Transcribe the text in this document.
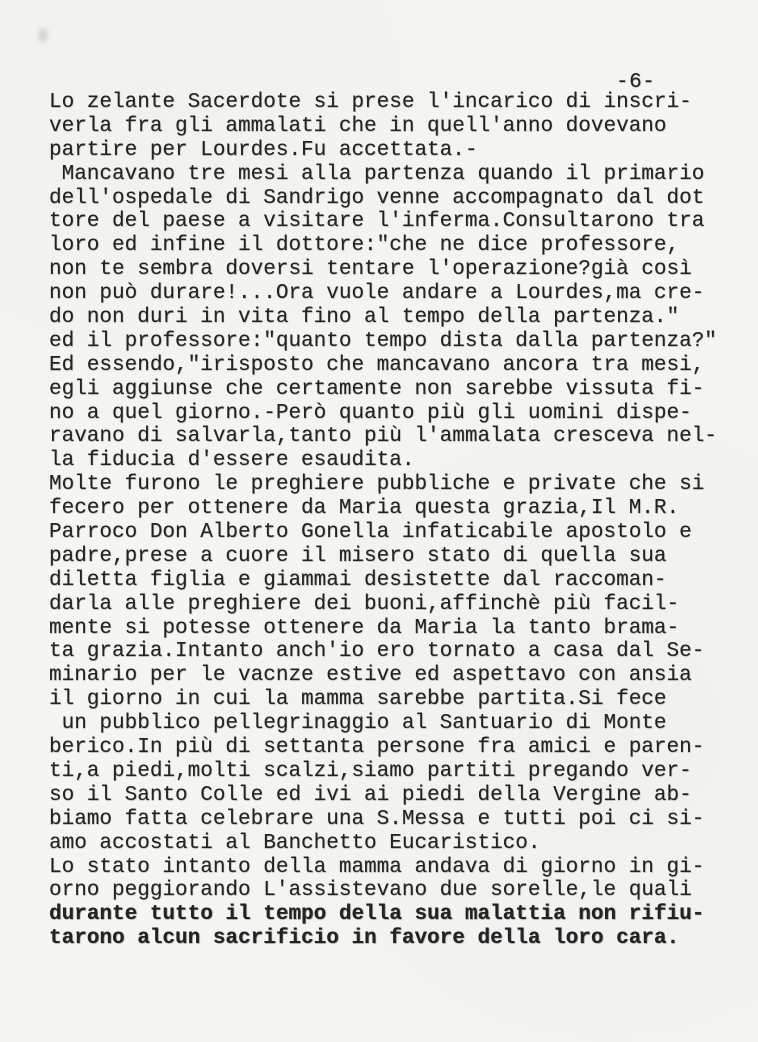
-6-
Lo zelante Sacerdote si prese l'incarico di inscri-
verla fra gli ammalati che in quell'anno dovevano
partire per Lourdes.Fu accettata.-
Mancavano tre mesi alla partenza quando il primario
dell'ospedale di Sandrigo venne accompagnato dal dot
tore del paese a visitare l'inferma.Consultarono tra
loro ed infine il dottore:"che ne dice professore,
non te sembra doversi tentare l'operazione?già così
non può durare!...Ora vuole andare a Lourdes,ma cre-
do non duri in vita fino al tempo della partenza."
ed il professore:"quanto tempo dista dalla partenza?"
Ed essendo,"irisposto che mancavano ancora tra mesi,
egli aggiunse che certamente non sarebbe vissuta fi-
no a quel giorno.-Però quanto più gli uomini dispe-
ravano di salvarla,tanto più l'ammalata cresceva nel-
la fiducia d'essere esaudita.
Molte furono le preghiere pubbliche e private che si
fecero per ottenere da Maria questa grazia,Il M.R.
Parroco Don Alberto Gonella infaticabile apostolo e
padre,prese a cuore il misero stato di quella sua
diletta figlia e giammai desistette dal raccoman-
darla alle preghiere dei buoni,affinchè più facil-
mente si potesse ottenere da Maria la tanto brama-
ta grazia.Intanto anch'io ero tornato a casa dal Se-
minario per le vacnze estive ed aspettavo con ansia
il giorno in cui la mamma sarebbe partita.Si fece
un pubblico pellegrinaggio al Santuario di Monte
berico.In più di settanta persone fra amici e paren-
ti,a piedi,molti scalzi,siamo partiti pregando ver-
so il Santo Colle ed ivi ai piedi della Vergine ab-
biamo fatta celebrare una S.Messa e tutti poi ci si-
amo accostati al Banchetto Eucaristico.
Lo stato intanto della mamma andava di giorno in gi-
orno peggiorando L'assistevano due sorelle,le quali
durante tutto il tempo della sua malattia non rifiu-
tarono alcun sacrificio in favore della loro cara.
